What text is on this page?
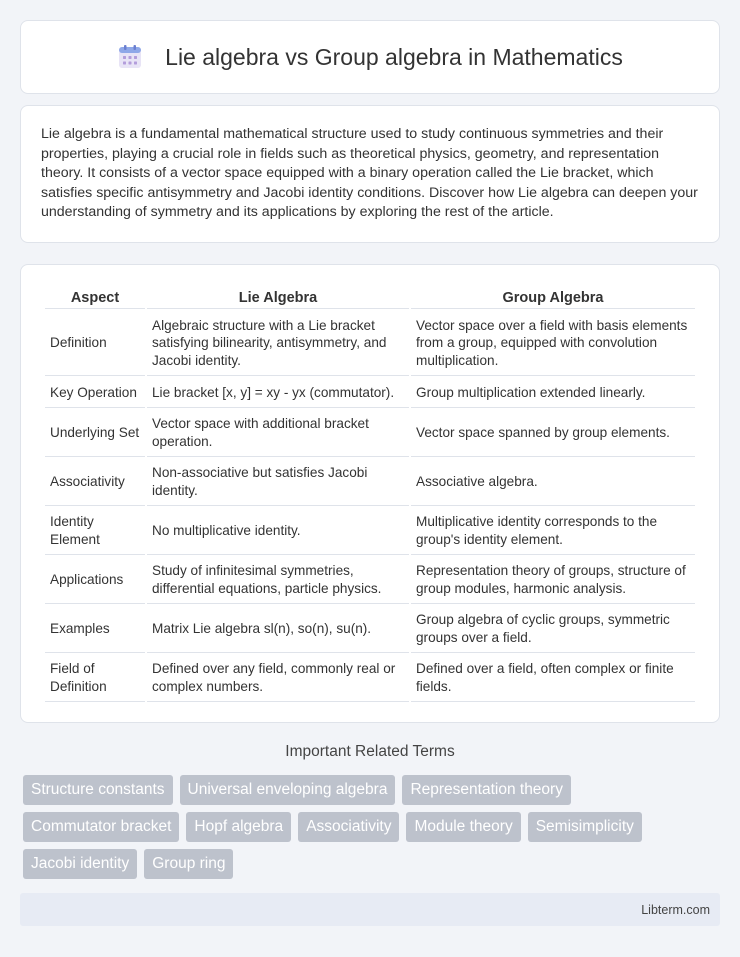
Lie algebra vs Group algebra in Mathematics

Lie algebra is a fundamental mathematical structure used to study continuous symmetries and their properties, playing a crucial role in fields such as theoretical physics, geometry, and representation theory. It consists of a vector space equipped with a binary operation called the Lie bracket, which satisfies specific antisymmetry and Jacobi identity conditions. Discover how Lie algebra can deepen your understanding of symmetry and its applications by exploring the rest of the article.

Aspect	Lie Algebra	Group Algebra
Definition	Algebraic structure with a Lie bracket satisfying bilinearity, antisymmetry, and Jacobi identity.	Vector space over a field with basis elements from a group, equipped with convolution multiplication.
Key Operation	Lie bracket [x, y] = xy - yx (commutator).	Group multiplication extended linearly.
Underlying Set	Vector space with additional bracket operation.	Vector space spanned by group elements.
Associativity	Non-associative but satisfies Jacobi identity.	Associative algebra.
Identity Element	No multiplicative identity.	Multiplicative identity corresponds to the group's identity element.
Applications	Study of infinitesimal symmetries, differential equations, particle physics.	Representation theory of groups, structure of group modules, harmonic analysis.
Examples	Matrix Lie algebra sl(n), so(n), su(n).	Group algebra of cyclic groups, symmetric groups over a field.
Field of Definition	Defined over any field, commonly real or complex numbers.	Defined over a field, often complex or finite fields.
Important Related Terms
Structure constants	Universal enveloping algebra	Representation theory
Commutator bracket	Hopf algebra	Associativity	Module theory	Semisimplicity
Jacobi identity	Group ring
Libterm.com
